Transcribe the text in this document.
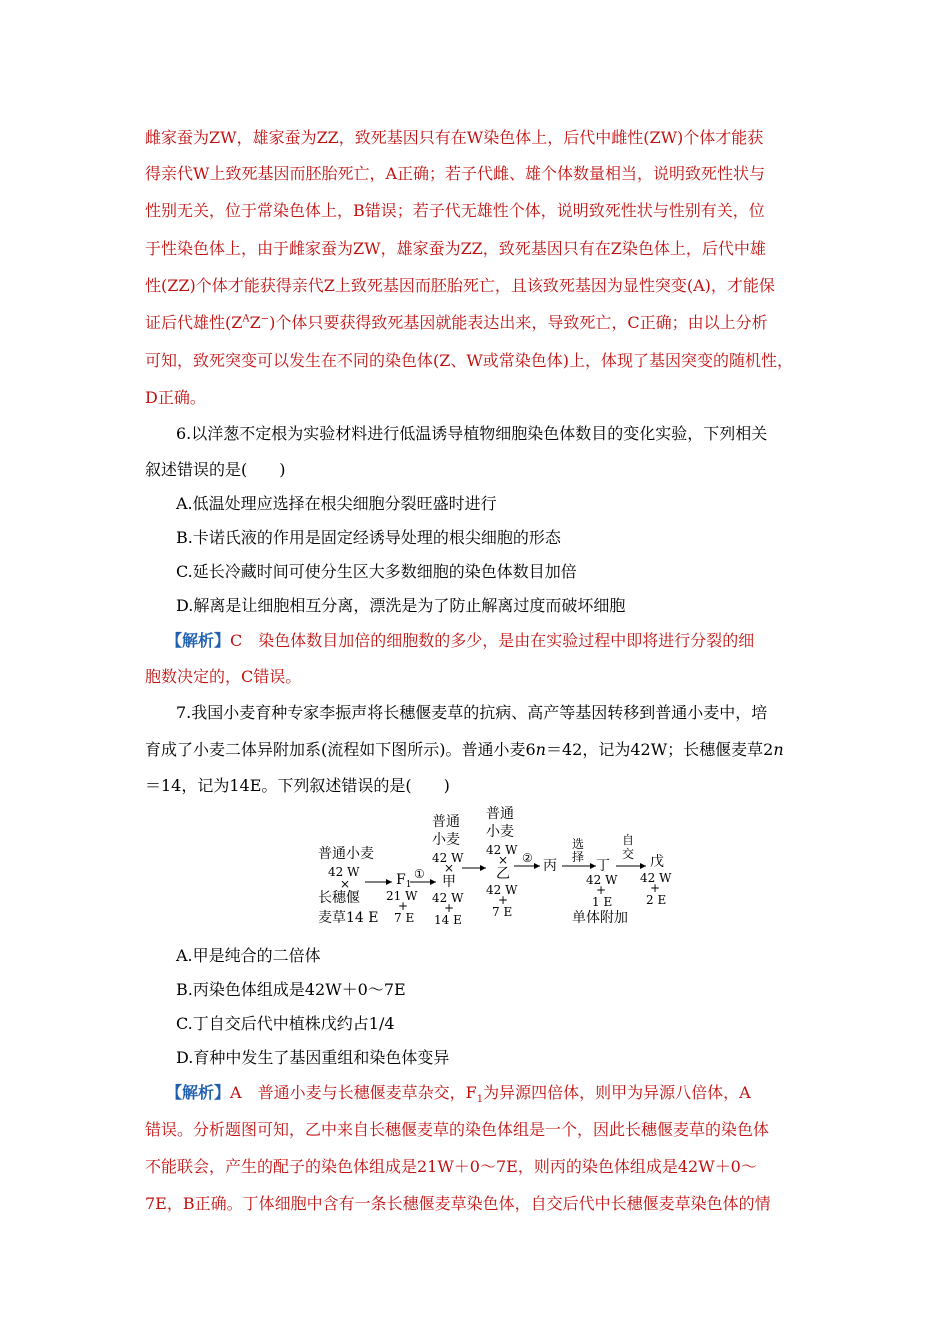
雌家蚕为ZW，雄家蚕为ZZ，致死基因只有在W染色体上，后代中雌性(ZW)个体才能获
得亲代W上致死基因而胚胎死亡，A正确；若子代雌、雄个体数量相当，说明致死性状与
性别无关，位于常染色体上，B错误；若子代无雄性个体，说明致死性状与性别有关，位
于性染色体上，由于雌家蚕为ZW，雄家蚕为ZZ，致死基因只有在Z染色体上，后代中雄
性(ZZ)个体才能获得亲代Z上致死基因而胚胎死亡，且该致死基因为显性突变(A)，才能保
证后代雄性$(Z^AZ^-)$个体只要获得致死基因就能表达出来，导致死亡，C正确；由以上分析
可知，致死突变可以发生在不同的染色体(Z、W或常染色体)上，体现了基因突变的随机性，
D正确。
6.以洋葱不定根为实验材料进行低温诱导植物细胞染色体数目的变化实验，下列相关
叙述错误的是(　　)
A.低温处理应选择在根尖细胞分裂旺盛时进行
B.卡诺氏液的作用是固定经诱导处理的根尖细胞的形态
C.延长冷藏时间可使分生区大多数细胞的染色体数目加倍
D.解离是让细胞相互分离，漂洗是为了防止解离过度而破坏细胞
【解析】C　染色体数目加倍的细胞数的多少，是由在实验过程中即将进行分裂的细
胞数决定的，C错误。
7.我国小麦育种专家李振声将长穗偃麦草的抗病、高产等基因转移到普通小麦中，培
育成了小麦二体异附加系(流程如下图所示)。普通小麦6n＝42，记为42W；长穗偃麦草2n
＝14，记为14E。下列叙述错误的是(　　)
普通小麦
42 W
×
长穗偃
麦草14 E
$F_1$
21 W
+
7 E
①
普通
小麦
42 W
×
甲
42 W
+
14 E
普通
小麦
42 W
×
乙
42 W
+
7 E
② 丙
选
择
丁
42 W
+
1 E
自
交 戊
42 W
+
2 E
单体附加
A.甲是纯合的二倍体
B.丙染色体组成是42W＋0～7E
C.丁自交后代中植株戊约占1/4
D.育种中发生了基因重组和染色体变异
【解析】A　普通小麦与长穗偃麦草杂交，$F_1$为异源四倍体，则甲为异源八倍体，A
错误。分析题图可知，乙中来自长穗偃麦草的染色体组是一个，因此长穗偃麦草的染色体
不能联会，产生的配子的染色体组成是21W＋0～7E，则丙的染色体组成是42W＋0～
7E，B正确。丁体细胞中含有一条长穗偃麦草染色体，自交后代中长穗偃麦草染色体的情
